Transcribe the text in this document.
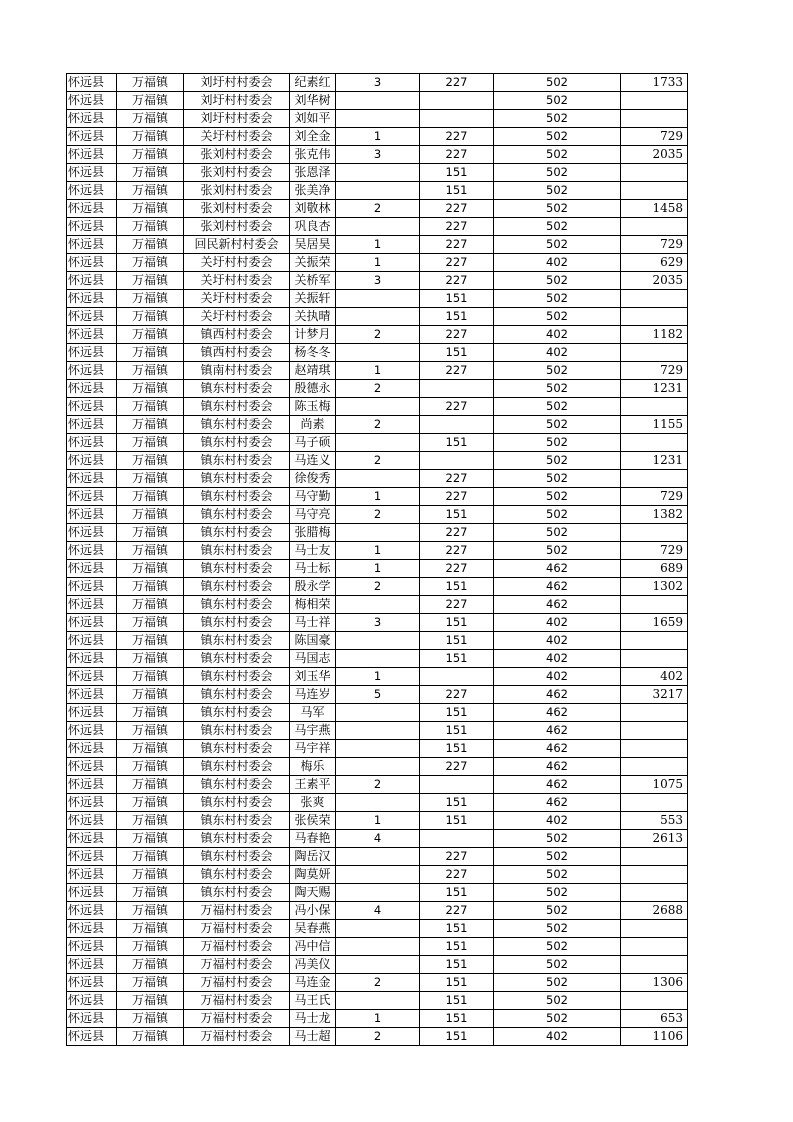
怀远县	万福镇	刘圩村村委会	纪素红	3	227	502	1733
怀远县	万福镇	刘圩村村委会	刘华树			502	
怀远县	万福镇	刘圩村村委会	刘如平			502	
怀远县	万福镇	关圩村村委会	刘全金	1	227	502	729
怀远县	万福镇	张刘村村委会	张克伟	3	227	502	2035
怀远县	万福镇	张刘村村委会	张恩泽		151	502	
怀远县	万福镇	张刘村村委会	张美净		151	502	
怀远县	万福镇	张刘村村委会	刘敬林	2	227	502	1458
怀远县	万福镇	张刘村村委会	巩良杏		227	502	
怀远县	万福镇	回民新村村委会	吴居昊	1	227	502	729
怀远县	万福镇	关圩村村委会	关振荣	1	227	402	629
怀远县	万福镇	关圩村村委会	关桥军	3	227	502	2035
怀远县	万福镇	关圩村村委会	关振轩		151	502	
怀远县	万福镇	关圩村村委会	关执晴		151	502	
怀远县	万福镇	镇西村村委会	计梦月	2	227	402	1182
怀远县	万福镇	镇西村村委会	杨冬冬		151	402	
怀远县	万福镇	镇南村村委会	赵靖琪	1	227	502	729
怀远县	万福镇	镇东村村委会	殷德永	2		502	1231
怀远县	万福镇	镇东村村委会	陈玉梅		227	502	
怀远县	万福镇	镇东村村委会	尚素	2		502	1155
怀远县	万福镇	镇东村村委会	马子硕		151	502	
怀远县	万福镇	镇东村村委会	马连义	2		502	1231
怀远县	万福镇	镇东村村委会	徐俊秀		227	502	
怀远县	万福镇	镇东村村委会	马守勤	1	227	502	729
怀远县	万福镇	镇东村村委会	马守亮	2	151	502	1382
怀远县	万福镇	镇东村村委会	张腊梅		227	502	
怀远县	万福镇	镇东村村委会	马士友	1	227	502	729
怀远县	万福镇	镇东村村委会	马士标	1	227	462	689
怀远县	万福镇	镇东村村委会	殷永学	2	151	462	1302
怀远县	万福镇	镇东村村委会	梅相荣		227	462	
怀远县	万福镇	镇东村村委会	马士祥	3	151	402	1659
怀远县	万福镇	镇东村村委会	陈国豪		151	402	
怀远县	万福镇	镇东村村委会	马国志		151	402	
怀远县	万福镇	镇东村村委会	刘玉华	1		402	402
怀远县	万福镇	镇东村村委会	马连岁	5	227	462	3217
怀远县	万福镇	镇东村村委会	马军		151	462	
怀远县	万福镇	镇东村村委会	马宇燕		151	462	
怀远县	万福镇	镇东村村委会	马宇祥		151	462	
怀远县	万福镇	镇东村村委会	梅乐		227	462	
怀远县	万福镇	镇东村村委会	王素平	2		462	1075
怀远县	万福镇	镇东村村委会	张爽		151	462	
怀远县	万福镇	镇东村村委会	张侯荣	1	151	402	553
怀远县	万福镇	镇东村村委会	马春艳	4		502	2613
怀远县	万福镇	镇东村村委会	陶岳汉		227	502	
怀远县	万福镇	镇东村村委会	陶莫妍		227	502	
怀远县	万福镇	镇东村村委会	陶天赐		151	502	
怀远县	万福镇	万福村村委会	冯小保	4	227	502	2688
怀远县	万福镇	万福村村委会	吴春燕		151	502	
怀远县	万福镇	万福村村委会	冯中信		151	502	
怀远县	万福镇	万福村村委会	冯美仪		151	502	
怀远县	万福镇	万福村村委会	马连金	2	151	502	1306
怀远县	万福镇	万福村村委会	马王氏		151	502	
怀远县	万福镇	万福村村委会	马士龙	1	151	502	653
怀远县	万福镇	万福村村委会	马士超	2	151	402	1106
